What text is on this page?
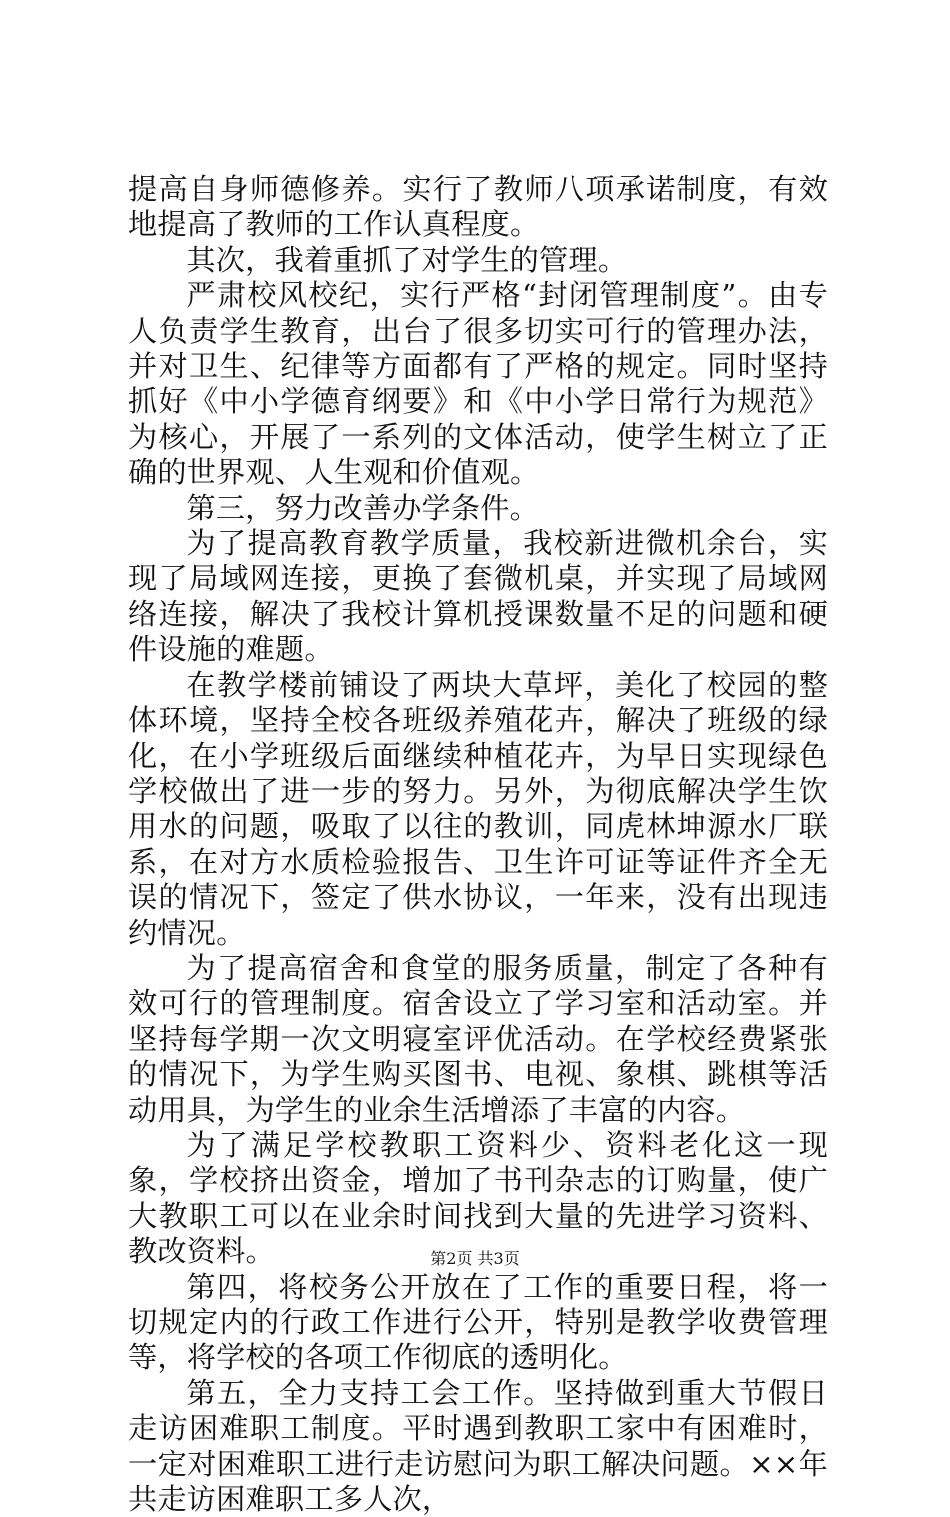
提高自身师德修养。实行了教师八项承诺制度，有效地提高了教师的工作认真程度。

其次，我着重抓了对学生的管理。

严肃校风校纪，实行严格“封闭管理制度”。由专人负责学生教育，出台了很多切实可行的管理办法，并对卫生、纪律等方面都有了严格的规定。同时坚持抓好《中小学德育纲要》和《中小学日常行为规范》为核心，开展了一系列的文体活动，使学生树立了正确的世界观、人生观和价值观。

第三，努力改善办学条件。

为了提高教育教学质量，我校新进微机余台，实现了局域网连接，更换了套微机桌，并实现了局域网络连接，解决了我校计算机授课数量不足的问题和硬件设施的难题。

在教学楼前铺设了两块大草坪，美化了校园的整体环境，坚持全校各班级养殖花卉，解决了班级的绿化，在小学班级后面继续种植花卉，为早日实现绿色学校做出了进一步的努力。另外，为彻底解决学生饮用水的问题，吸取了以往的教训，同虎林坤源水厂联系，在对方水质检验报告、卫生许可证等证件齐全无误的情况下，签定了供水协议，一年来，没有出现违约情况。

为了提高宿舍和食堂的服务质量，制定了各种有效可行的管理制度。宿舍设立了学习室和活动室。并坚持每学期一次文明寝室评优活动。在学校经费紧张的情况下，为学生购买图书、电视、象棋、跳棋等活动用具，为学生的业余生活增添了丰富的内容。

为了满足学校教职工资料少、资料老化这一现象，学校挤出资金，增加了书刊杂志的订购量，使广大教职工可以在业余时间找到大量的先进学习资料、教改资料。

第四，将校务公开放在了工作的重要日程，将一切规定内的行政工作进行公开，特别是教学收费管理等，将学校的各项工作彻底的透明化。

第五，全力支持工会工作。坚持做到重大节假日走访困难职工制度。平时遇到教职工家中有困难时，一定对困难职工进行走访慰问为职工解决问题。××年共走访困难职工多人次，

第2页 共3页
